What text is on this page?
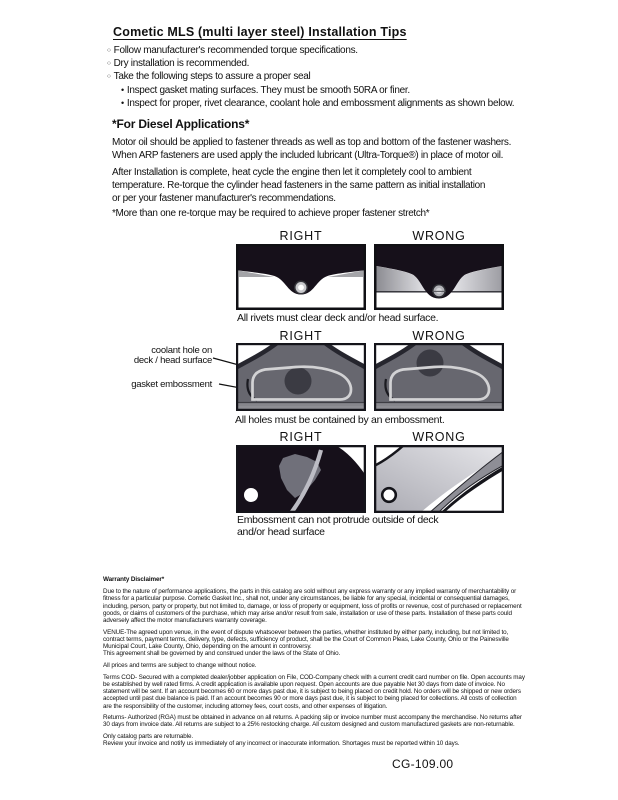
Cometic MLS (multi layer steel) Installation Tips
○ Follow manufacturer's recommended torque specifications.
○ Dry installation is recommended.
○ Take the following steps to assure a proper seal
• Inspect gasket mating surfaces. They must be smooth 50RA or finer.
• Inspect for proper, rivet clearance, coolant hole and embossment alignments as shown below.
*For Diesel Applications*
Motor oil should be applied to fastener threads as well as top and bottom of the fastener washers.
When ARP fasteners are used apply the included lubricant (Ultra-Torque®) in place of motor oil.
After Installation is complete, heat cycle the engine then let it completely cool to ambient
temperature. Re-torque the cylinder head fasteners in the same pattern as initial installation
or per your fastener manufacturer's recommendations.
*More than one re-torque may be required to achieve proper fastener stretch*
RIGHT	WRONG
All rivets must clear deck and/or head surface.
RIGHT	WRONG
coolant hole on
deck / head surface
gasket embossment
All holes must be contained by an embossment.
RIGHT	WRONG
Embossment can not protrude outside of deck
and/or head surface
Warranty Disclaimer*
Due to the nature of performance applications, the parts in this catalog are sold without any express warranty or any implied warranty of merchantability or
fitness for a particular purpose. Cometic Gasket Inc., shall not, under any circumstances, be liable for any special, incidental or consequential damages,
including, person, party or property, but not limited to, damage, or loss of property or equipment, loss of profits or revenue, cost of purchased or replacement
goods, or claims of customers of the purchase, which may arise and/or result from sale, installation or use of these parts. Installation of these parts could
adversely affect the motor manufacturers warranty coverage.
VENUE-The agreed upon venue, in the event of dispute whatsoever between the parties, whether instituted by either party, including, but not limited to,
contract terms, payment terms, delivery, type, defects, sufficiency of product, shall be the Court of Common Pleas, Lake County, Ohio or the Painesville
Municipal Court, Lake County, Ohio, depending on the amount in controversy.
This agreement shall be governed by and construed under the laws of the State of Ohio.
All prices and terms are subject to change without notice.
Terms COD- Secured with a completed dealer/jobber application on File, COD-Company check with a current credit card number on file. Open accounts may
be established by well rated firms. A credit application is available upon request. Open accounts are due payable Net 30 days from date of invoice. No
statement will be sent. If an account becomes 60 or more days past due, it is subject to being placed on credit hold. No orders will be shipped or new orders
accepted until past due balance is paid. If an account becomes 90 or more days past due, it is subject to being placed for collections. All costs of collection
are the responsibility of the customer, including attorney fees, court costs, and other expenses of litigation.
Returns- Authorized (RGA) must be obtained in advance on all returns. A packing slip or invoice number must accompany the merchandise. No returns after
30 days from invoice date. All returns are subject to a 25% restocking charge. All custom designed and custom manufactured gaskets are non-returnable.
Only catalog parts are returnable.
Review your invoice and notify us immediately of any incorrect or inaccurate information. Shortages must be reported within 10 days.
CG-109.00
